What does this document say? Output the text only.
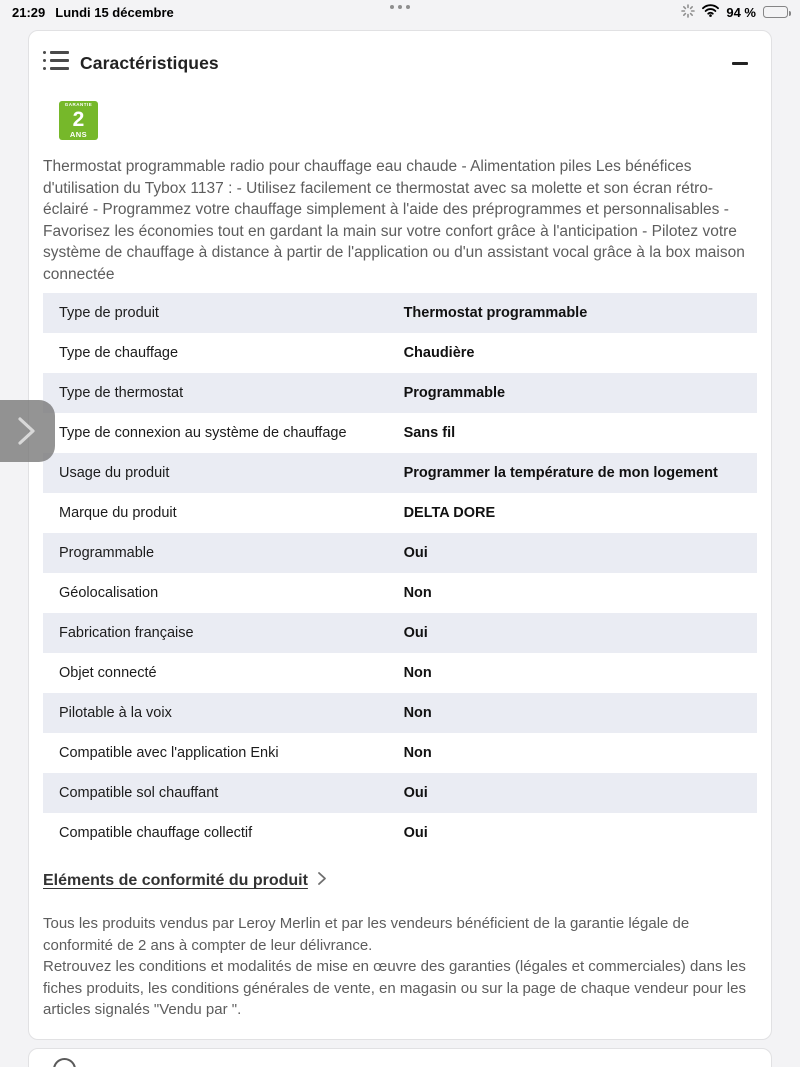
21:29 Lundi 15 décembre	94 %
Caractéristiques
GARANTIE
2
ANS

Thermostat programmable radio pour chauffage eau chaude - Alimentation piles Les bénéfices d'utilisation du Tybox 1137 : - Utilisez facilement ce thermostat avec sa molette et son écran rétro-éclairé - Programmez votre chauffage simplement à l'aide des préprogrammes et personnalisables - Favorisez les économies tout en gardant la main sur votre confort grâce à l'anticipation - Pilotez votre système de chauffage à distance à partir de l'application ou d'un assistant vocal grâce à la box maison connectée

Type de produit	Thermostat programmable
Type de chauffage	Chaudière
Type de thermostat	Programmable
Type de connexion au système de chauffage	Sans fil
Usage du produit	Programmer la température de mon logement
Marque du produit	DELTA DORE
Programmable	Oui
Géolocalisation	Non
Fabrication française	Oui
Objet connecté	Non
Pilotable à la voix	Non
Compatible avec l'application Enki	Non
Compatible sol chauffant	Oui
Compatible chauffage collectif	Oui
Eléments de conformité du produit

Tous les produits vendus par Leroy Merlin et par les vendeurs bénéficient de la garantie légale de conformité de 2 ans à compter de leur délivrance.

Retrouvez les conditions et modalités de mise en œuvre des garanties (légales et commerciales) dans les fiches produits, les conditions générales de vente, en magasin ou sur la page de chaque vendeur pour les articles signalés "Vendu par ".
